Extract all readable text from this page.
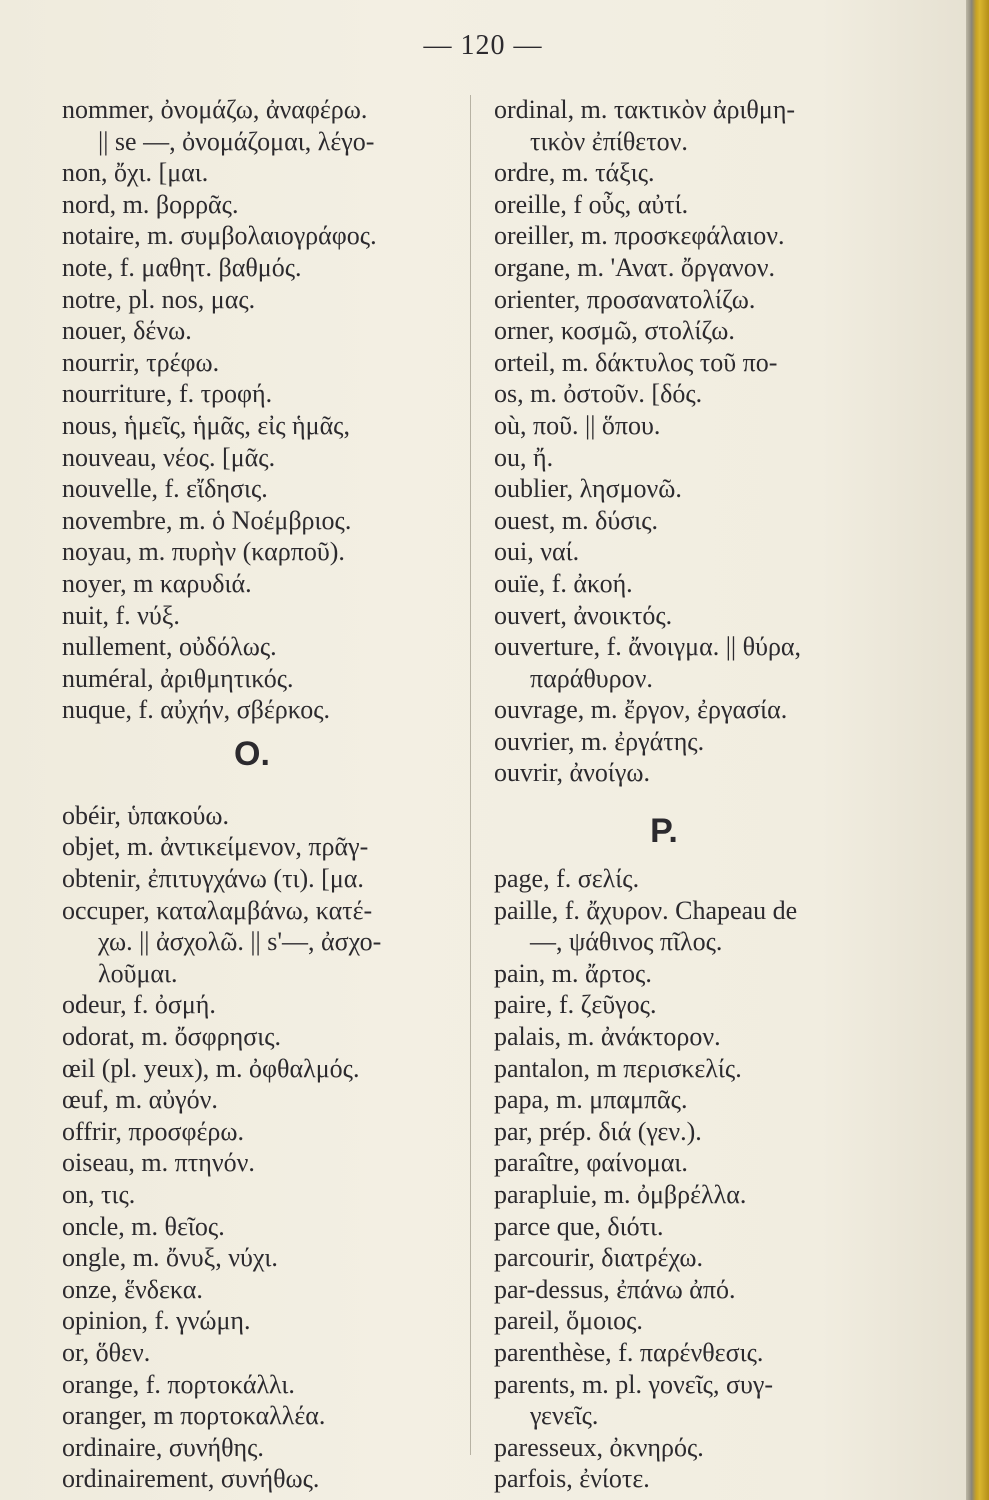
— 120 —

nommer, ὀνομάζω, ἀναφέρω.

|| se —, ὀνομάζομαι, λέγο-

non, ὄχι. [μαι.

nord, m. βορρᾶς.

notaire, m. συμβολαιογράφος.

note, f. μαθητ. βαθμός.

notre, pl. nos, μας.

nouer, δένω.

nourrir, τρέφω.

nourriture, f. τροφή.

nous, ἡμεῖς, ἡμᾶς, εἰς ἡμᾶς,

nouveau, νέος. [μᾶς.

nouvelle, f. εἴδησις.

novembre, m. ὁ Νοέμβριος.

noyau, m. πυρὴν (καρποῦ).

noyer, m καρυδιά.

nuit, f. νύξ.

nullement, οὐδόλως.

numéral, ἀριθμητικός.

nuque, f. αὐχήν, σβέρκος.

O.

obéir, ὑπακούω.

objet, m. ἀντικείμενον, πρᾶγ-

obtenir, ἐπιτυγχάνω (τι). [μα.

occuper, καταλαμβάνω, κατέ-

χω. || ἀσχολῶ. || s'—, ἀσχο-

λοῦμαι.

odeur, f. ὀσμή.

odorat, m. ὄσφρησις.

œil (pl. yeux), m. ὀφθαλμός.

œuf, m. αὐγόν.

offrir, προσφέρω.

oiseau, m. πτηνόν.

on, τις.

oncle, m. θεῖος.

ongle, m. ὄνυξ, νύχι.

onze, ἕνδεκα.

opinion, f. γνώμη.

or, ὅθεν.

orange, f. πορτοκάλλι.

oranger, m πορτοκαλλέα.

ordinaire, συνήθης.

ordinairement, συνήθως.

ordinal, m. τακτικὸν ἀριθμη-

τικὸν ἐπίθετον.

ordre, m. τάξις.

oreille, f οὖς, αὐτί.

oreiller, m. προσκεφάλαιον.

organe, m. 'Ανατ. ὄργανον.

orienter, προσανατολίζω.

orner, κοσμῶ, στολίζω.

orteil, m. δάκτυλος τοῦ πο-

os, m. ὀστοῦν. [δός.

où, ποῦ. || ὅπου.

ou, ἤ.

oublier, λησμονῶ.

ouest, m. δύσις.

oui, ναί.

ouïe, f. ἀκοή.

ouvert, ἀνοικτός.

ouverture, f. ἄνοιγμα. || θύρα,

παράθυρον.

ouvrage, m. ἔργον, ἐργασία.

ouvrier, m. ἐργάτης.

ouvrir, ἀνοίγω.

P.

page, f. σελίς.

paille, f. ἄχυρον. Chapeau de

—, ψάθινος πῖλος.

pain, m. ἄρτος.

paire, f. ζεῦγος.

palais, m. ἀνάκτορον.

pantalon, m περισκελίς.

papa, m. μπαμπᾶς.

par, prép. διά (γεν.).

paraître, φαίνομαι.

parapluie, m. ὀμβρέλλα.

parce que, διότι.

parcourir, διατρέχω.

par-dessus, ἐπάνω ἀπό.

pareil, ὅμοιος.

parenthèse, f. παρένθεσις.

parents, m. pl. γονεῖς, συγ-

γενεῖς.

paresseux, ὀκνηρός.

parfois, ἐνίοτε.
